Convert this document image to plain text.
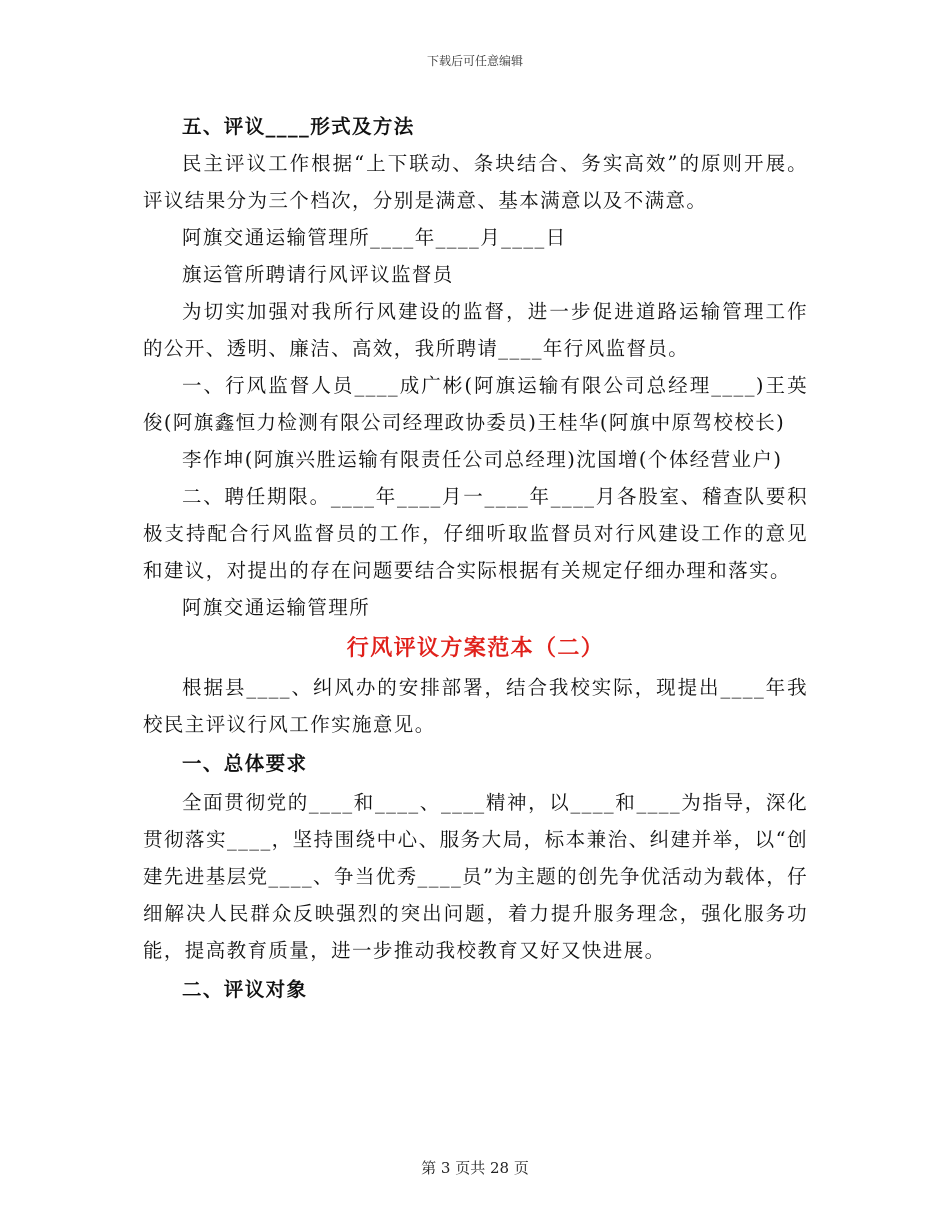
下载后可任意编辑

五、评议____形式及方法

民主评议工作根据“上下联动、条块结合、务实高效”的原则开展。评议结果分为三个档次，分别是满意、基本满意以及不满意。

阿旗交通运输管理所____年____月____日

旗运管所聘请行风评议监督员

为切实加强对我所行风建设的监督，进一步促进道路运输管理工作的公开、透明、廉洁、高效，我所聘请____年行风监督员。

一、行风监督人员____成广彬(阿旗运输有限公司总经理____)王英俊(阿旗鑫恒力检测有限公司经理政协委员)王桂华(阿旗中原驾校校长)

李作坤(阿旗兴胜运输有限责任公司总经理)沈国增(个体经营业户)

二、聘任期限。____年____月一____年____月各股室、稽查队要积极支持配合行风监督员的工作，仔细听取监督员对行风建设工作的意见和建议，对提出的存在问题要结合实际根据有关规定仔细办理和落实。

阿旗交通运输管理所

行风评议方案范本（二）

根据县____、纠风办的安排部署，结合我校实际，现提出____年我校民主评议行风工作实施意见。

一、总体要求

全面贯彻党的____和____、____精神，以____和____为指导，深化贯彻落实____，坚持围绕中心、服务大局，标本兼治、纠建并举，以“创建先进基层党____、争当优秀____员”为主题的创先争优活动为载体，仔细解决人民群众反映强烈的突出问题，着力提升服务理念，强化服务功能，提高教育质量，进一步推动我校教育又好又快进展。

二、评议对象

第 3 页共 28 页
